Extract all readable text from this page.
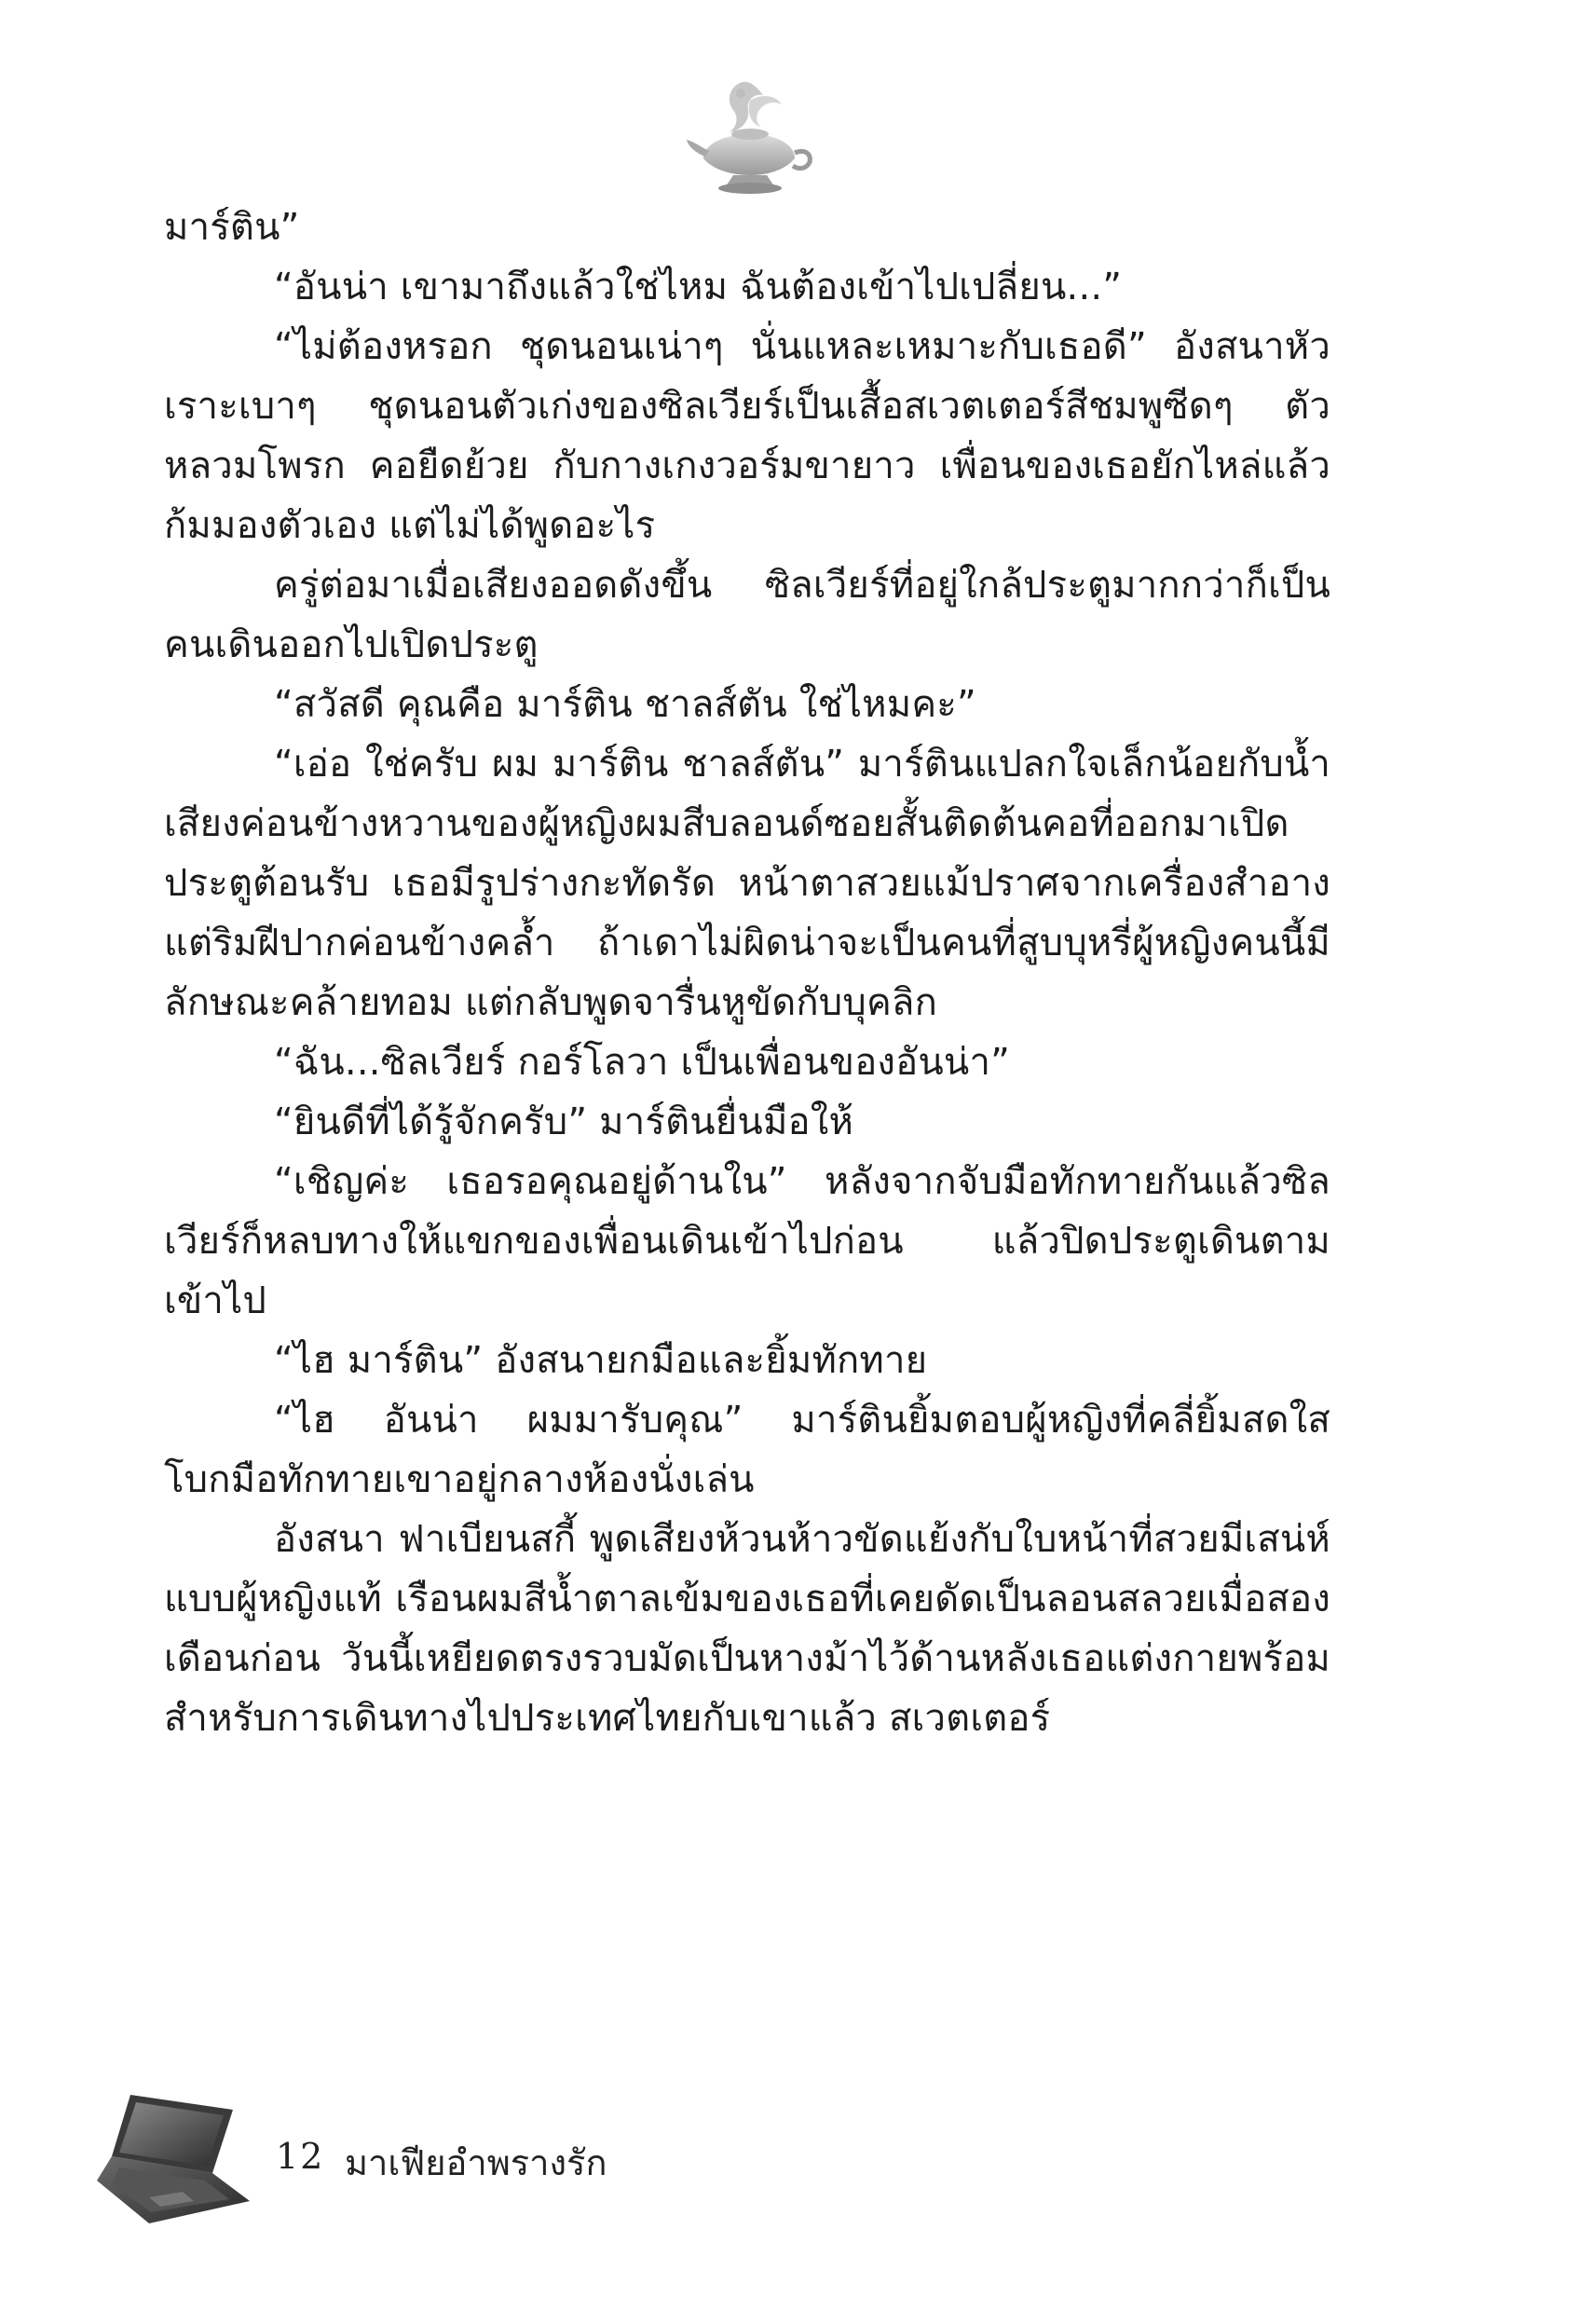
มาร์ติน”

“อันน่า เขามาถึงแล้วใช่ไหม ฉันต้องเข้าไปเปลี่ยน...”

“ไม่ต้องหรอก ชุดนอนเน่าๆ นั่นแหละเหมาะกับเธอดี” อังสนาหัวเราะเบาๆ ชุดนอนตัวเก่งของซิลเวียร์เป็นเสื้อสเวตเตอร์สีชมพูซีดๆ ตัวหลวมโพรก คอยืดย้วย กับกางเกงวอร์มขายาว เพื่อนของเธอยักไหล่แล้วก้มมองตัวเอง แต่ไม่ได้พูดอะไร

ครู่ต่อมาเมื่อเสียงออดดังขึ้น ซิลเวียร์ที่อยู่ใกล้ประตูมากกว่าก็เป็นคนเดินออกไปเปิดประตู

“สวัสดี คุณคือ มาร์ติน ชาลส์ตัน ใช่ไหมคะ”

“เอ่อ ใช่ครับ ผม มาร์ติน ชาลส์ตัน” มาร์ตินแปลกใจเล็กน้อยกับน้ำเสียงค่อนข้างหวานของผู้หญิงผมสีบลอนด์ซอยสั้นติดต้นคอที่ออกมาเปิดประตูต้อนรับ เธอมีรูปร่างกะทัดรัด หน้าตาสวยแม้ปราศจากเครื่องสำอาง แต่ริมฝีปากค่อนข้างคล้ำ ถ้าเดาไม่ผิดน่าจะเป็นคนที่สูบบุหรี่ผู้หญิงคนนี้มีลักษณะคล้ายทอม แต่กลับพูดจารื่นหูขัดกับบุคลิก

“ฉัน...ซิลเวียร์ กอร์โลวา เป็นเพื่อนของอันน่า”

“ยินดีที่ได้รู้จักครับ” มาร์ตินยื่นมือให้

“เชิญค่ะ เธอรอคุณอยู่ด้านใน” หลังจากจับมือทักทายกันแล้วซิลเวียร์ก็หลบทางให้แขกของเพื่อนเดินเข้าไปก่อน แล้วปิดประตูเดินตามเข้าไป

“ไฮ มาร์ติน” อังสนายกมือและยิ้มทักทาย

“ไฮ อันน่า ผมมารับคุณ” มาร์ตินยิ้มตอบผู้หญิงที่คลี่ยิ้มสดใสโบกมือทักทายเขาอยู่กลางห้องนั่งเล่น

อังสนา ฟาเบียนสกี้ พูดเสียงห้วนห้าวขัดแย้งกับใบหน้าที่สวยมีเสน่ห์แบบผู้หญิงแท้ เรือนผมสีน้ำตาลเข้มของเธอที่เคยดัดเป็นลอนสลวยเมื่อสองเดือนก่อน วันนี้เหยียดตรงรวบมัดเป็นหางม้าไว้ด้านหลังเธอแต่งกายพร้อมสำหรับการเดินทางไปประเทศไทยกับเขาแล้ว สเวตเตอร์

12 มาเฟียอำพรางรัก
